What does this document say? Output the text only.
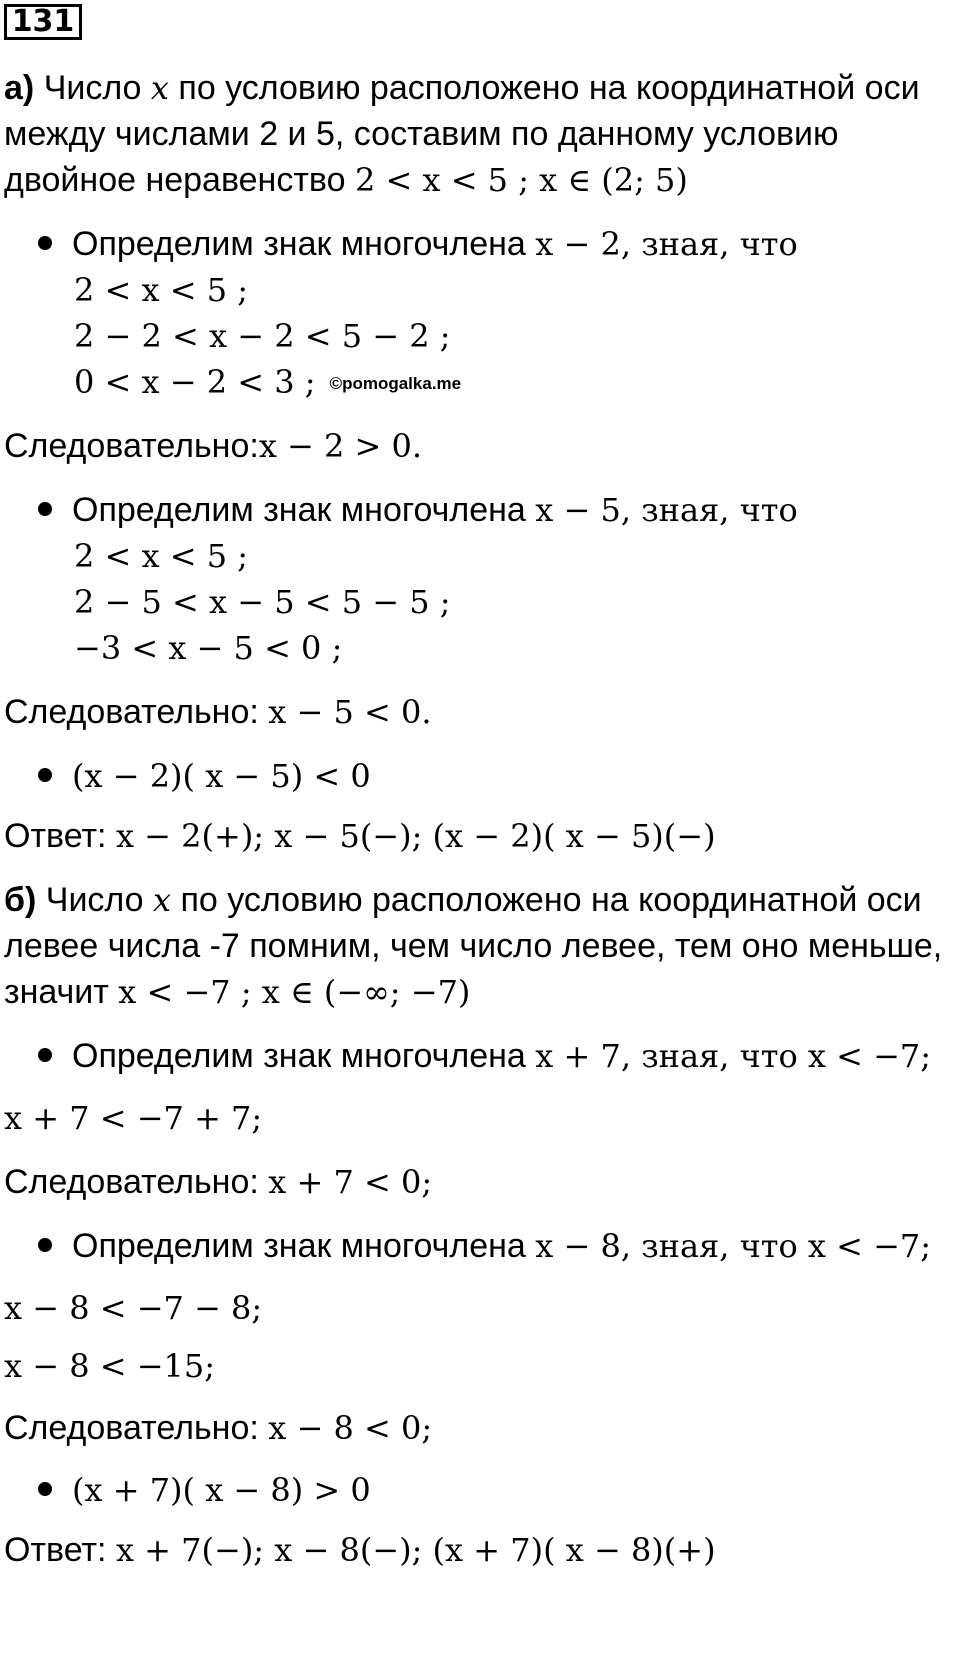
131
а) Число x по условию расположено на координатной оси
между числами 2 и 5, составим по данному условию
двойное неравенство 2 < x < 5 ; x ∈ (2; 5)
Определим знак многочлена x − 2, зная, что
2 < x < 5 ;
2 − 2 < x − 2 < 5 − 2 ;
0 < x − 2 < 3 ; ©pomogalka.me
Следовательно:x − 2 > 0.
Определим знак многочлена x − 5, зная, что
2 < x < 5 ;
2 − 5 < x − 5 < 5 − 5 ;
−3 < x − 5 < 0 ;
Следовательно: x − 5 < 0.
(x − 2)( x − 5) < 0
Ответ: x − 2(+); x − 5(−); (x − 2)( x − 5)(−)
б) Число x по условию расположено на координатной оси
левее числа -7 помним, чем число левее, тем оно меньше,
значит x < −7 ; x ∈ (−∞; −7)
Определим знак многочлена x + 7, зная, что x < −7;
x + 7 < −7 + 7;
Следовательно: x + 7 < 0;
Определим знак многочлена x − 8, зная, что x < −7;
x − 8 < −7 − 8;
x − 8 < −15;
Следовательно: x − 8 < 0;
(x + 7)( x − 8) > 0
Ответ: x + 7(−); x − 8(−); (x + 7)( x − 8)(+)
